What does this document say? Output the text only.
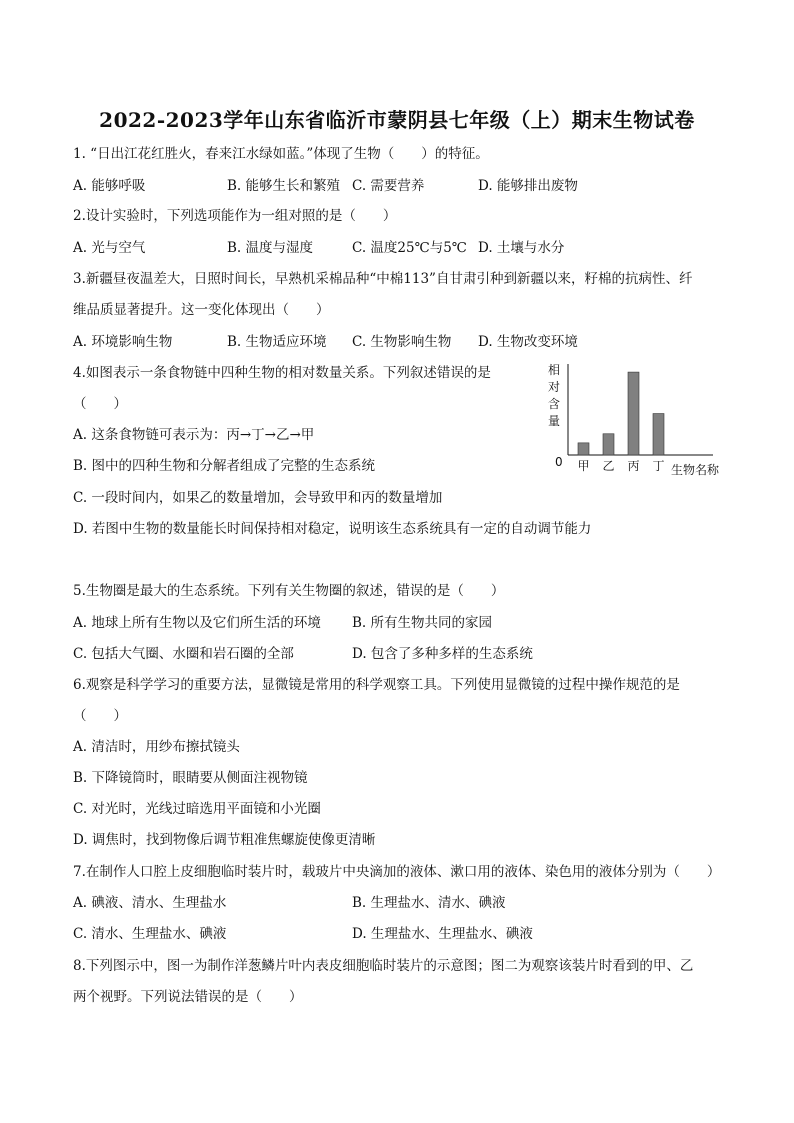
2022-2023学年山东省临沂市蒙阴县七年级（上）期末生物试卷
1. “日出江花红胜火，春来江水绿如蓝。”体现了生物（　　）的特征。
A. 能够呼吸	B. 能够生长和繁殖 C. 需要营养	D. 能够排出废物
2.设计实验时，下列选项能作为一组对照的是（　　）
A. 光与空气	B. 温度与湿度	C. 温度25℃与5℃ D. 土壤与水分
3.新疆昼夜温差大，日照时间长，早熟机采棉品种“中棉113”自甘肃引种到新疆以来，籽棉的抗病性、纤
维品质显著提升。这一变化体现出（　　）
A. 环境影响生物	B. 生物适应环境 C. 生物影响生物 D. 生物改变环境
4.如图表示一条食物链中四种生物的相对数量关系。下列叙述错误的是
（　　）
A. 这条食物链可表示为：丙→丁→乙→甲
B. 图中的四种生物和分解者组成了完整的生态系统
C. 一段时间内，如果乙的数量增加，会导致甲和丙的数量增加
D. 若图中生物的数量能长时间保持相对稳定，说明该生态系统具有一定的自动调节能力
相
对
含
量
0
生物名称
甲 乙 丙 丁
5.生物圈是最大的生态系统。下列有关生物圈的叙述，错误的是（　　）
A. 地球上所有生物以及它们所生活的环境 B. 所有生物共同的家园
C. 包括大气圈、水圈和岩石圈的全部	D. 包含了多种多样的生态系统
6.观察是科学学习的重要方法，显微镜是常用的科学观察工具。下列使用显微镜的过程中操作规范的是
（　　）
A. 清洁时，用纱布擦拭镜头
B. 下降镜筒时，眼睛要从侧面注视物镜
C. 对光时，光线过暗选用平面镜和小光圈
D. 调焦时，找到物像后调节粗准焦螺旋使像更清晰
7.在制作人口腔上皮细胞临时装片时，载玻片中央滴加的液体、漱口用的液体、染色用的液体分别为（　　）
A. 碘液、清水、生理盐水	B. 生理盐水、清水、碘液
C. 清水、生理盐水、碘液	D. 生理盐水、生理盐水、碘液
8.下列图示中，图一为制作洋葱鳞片叶内表皮细胞临时装片的示意图；图二为观察该装片时看到的甲、乙
两个视野。下列说法错误的是（　　）
